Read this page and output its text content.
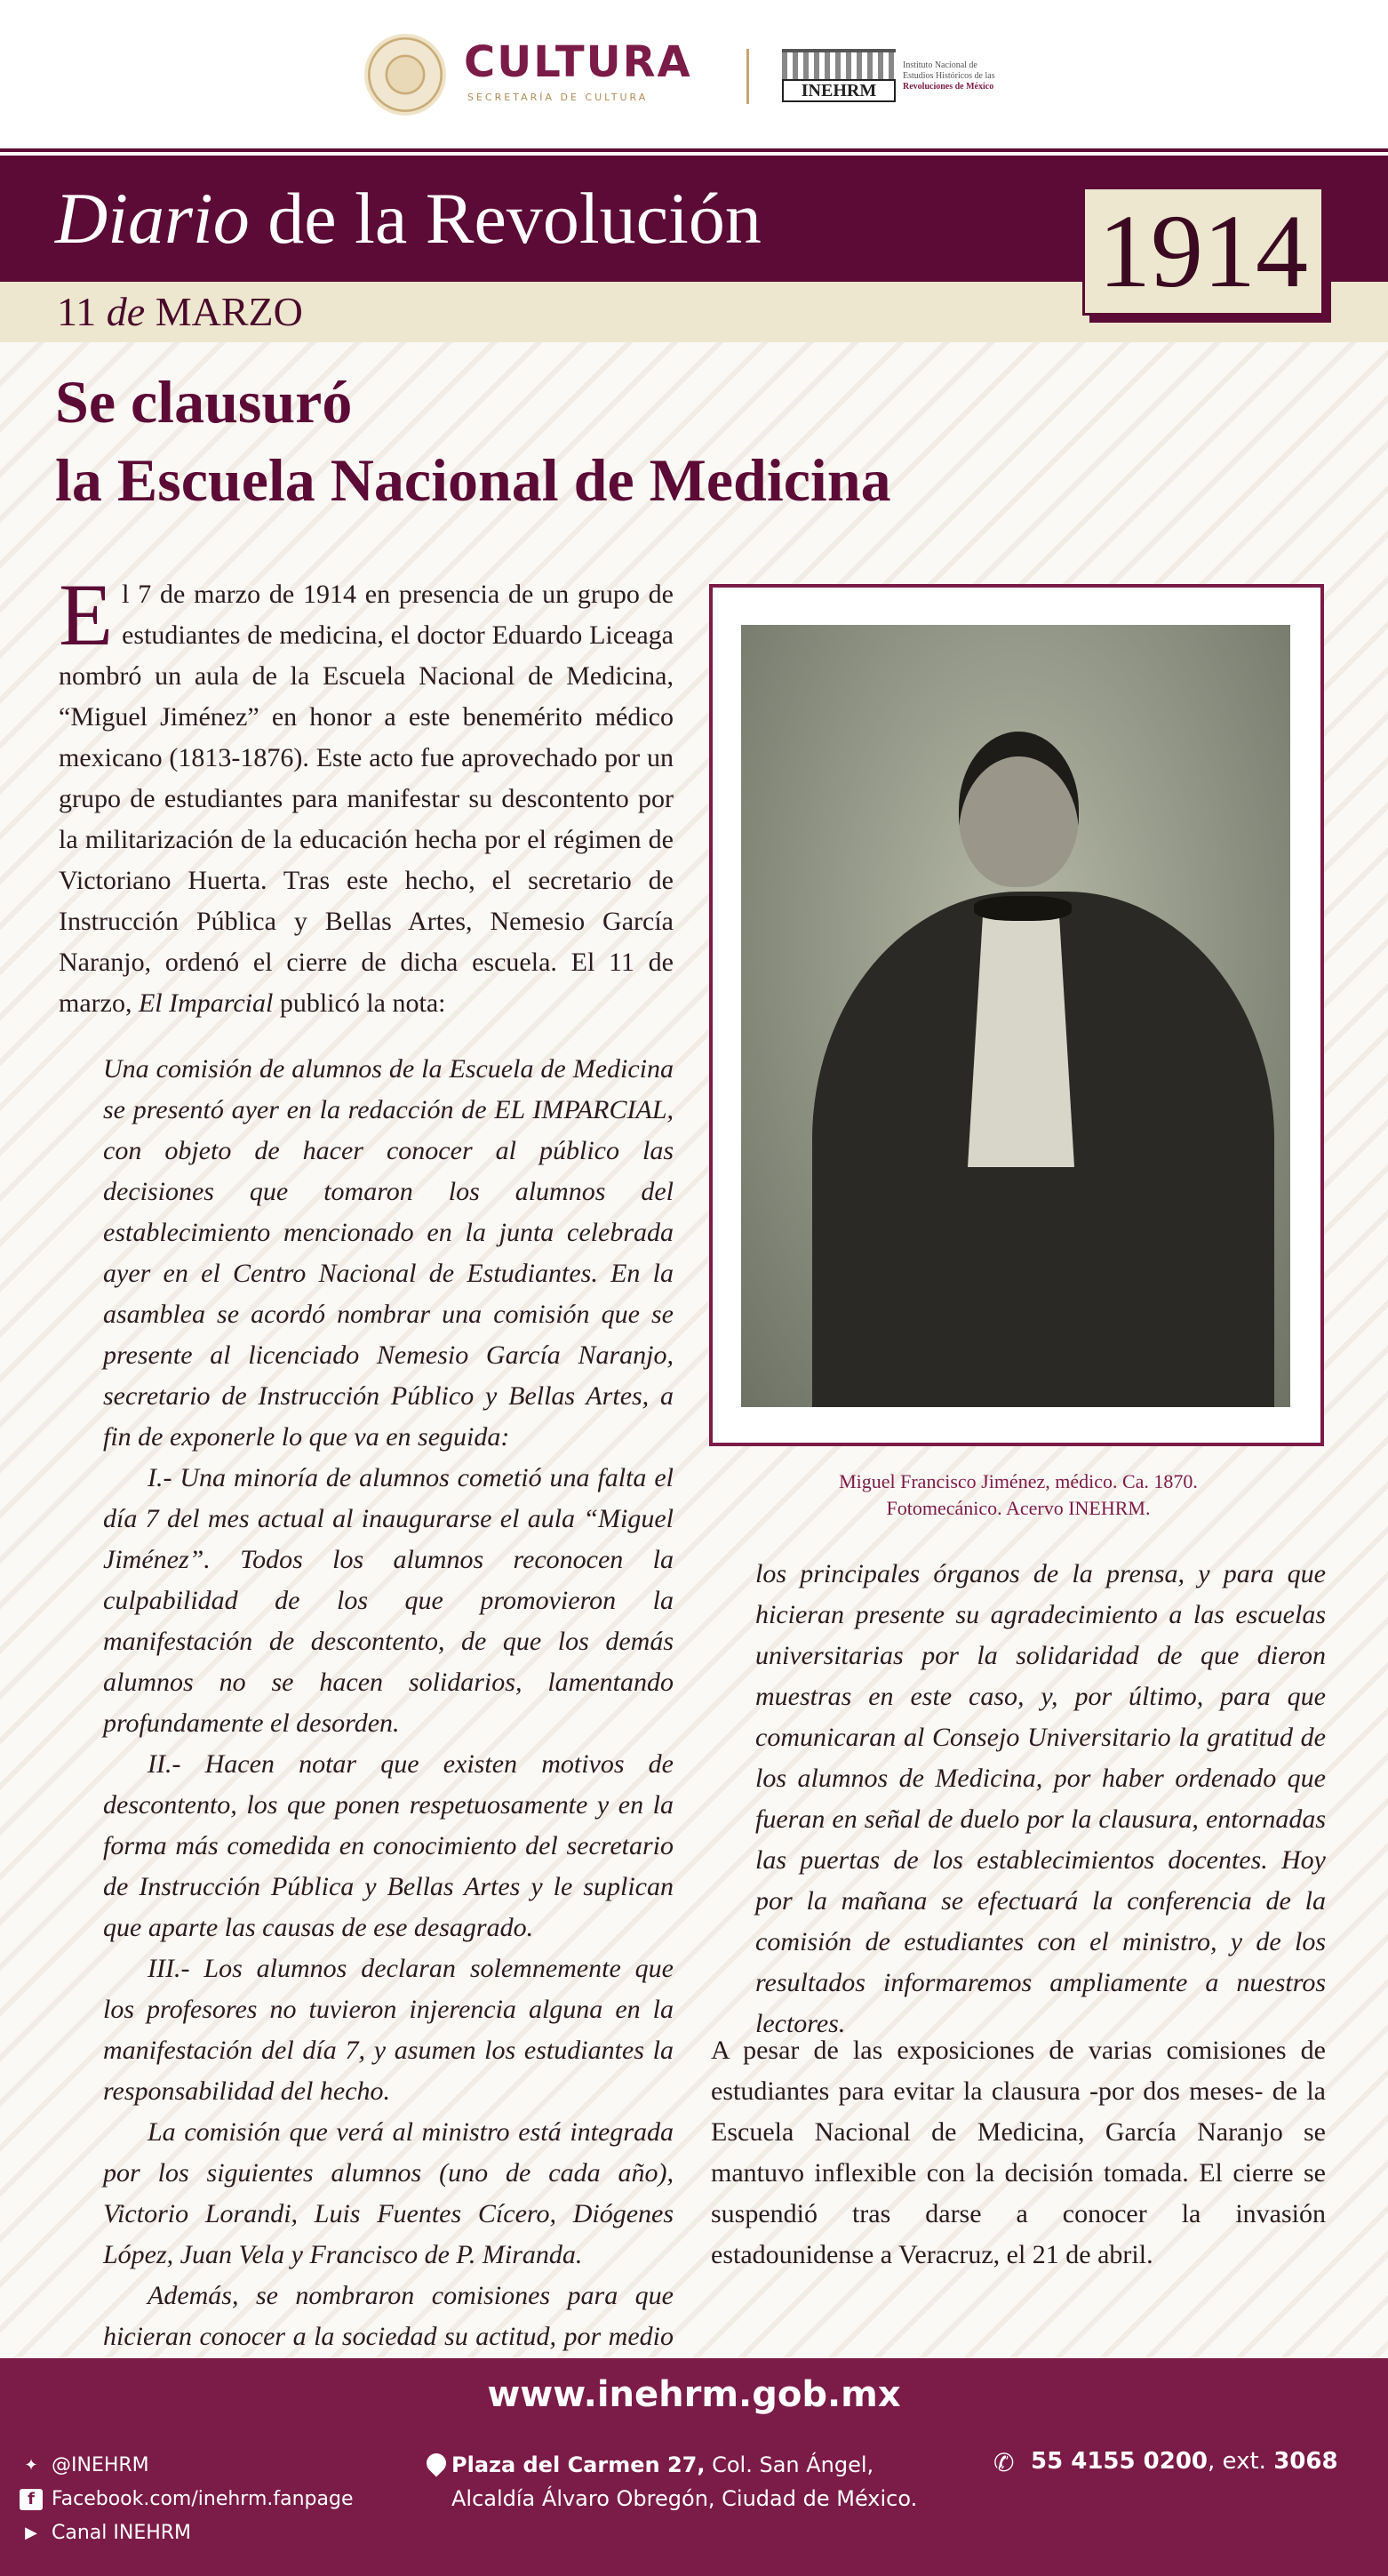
CULTURA
SECRETARÍA DE CULTURA	INEHRM
Instituto Nacional de
Estudios Históricos de las
Revoluciones de México
Diario de la Revolución
11 de MARZO
1914
Se clausuró
la Escuela Nacional de Medicina
El 7 de marzo de 1914 en presencia de un grupo de estudiantes de medicina, el doctor Eduardo Liceaga nombró un aula de la Escuela Nacional de Medicina, “Miguel Jiménez” en honor a este benemérito médico mexicano (1813-1876). Este acto fue aprovechado por un grupo de estudiantes para manifestar su descontento por la militarización de la educación hecha por el régimen de Victoriano Huerta. Tras este hecho, el secretario de Instrucción Pública y Bellas Artes, Nemesio García Naranjo, ordenó el cierre de dicha escuela. El 11 de marzo, El Imparcial publicó la nota:

Una comisión de alumnos de la Escuela de Medicina se presentó ayer en la redacción de EL IMPARCIAL, con objeto de hacer conocer al público las decisiones que tomaron los alumnos del establecimiento mencionado en la junta celebrada ayer en el Centro Nacional de Estudiantes. En la asamblea se acordó nombrar una comisión que se presente al licenciado Nemesio García Naranjo, secretario de Instrucción Público y Bellas Artes, a fin de exponerle lo que va en seguida:

I.- Una minoría de alumnos cometió una falta el día 7 del mes actual al inaugurarse el aula “Miguel Jiménez”. Todos los alumnos reconocen la culpabilidad de los que promovieron la manifestación de descontento, de que los demás alumnos no se hacen solidarios, lamentando profundamente el desorden.

II.- Hacen notar que existen motivos de descontento, los que ponen respetuosamente y en la forma más comedida en conocimiento del secretario de Instrucción Pública y Bellas Artes y le suplican que aparte las causas de ese desagrado.

III.- Los alumnos declaran solemnemente que los profesores no tuvieron injerencia alguna en la manifestación del día 7, y asumen los estudiantes la responsabilidad del hecho.

La comisión que verá al ministro está integrada por los siguientes alumnos (uno de cada año), Victorio Lorandi, Luis Fuentes Cícero, Diógenes López, Juan Vela y Francisco de P. Miranda.

Además, se nombraron comisiones para que hicieran conocer a la sociedad su actitud, por medio

Miguel Francisco Jiménez, médico. Ca. 1870.
Fotomecánico. Acervo INEHRM.

los principales órganos de la prensa, y para que hicieran presente su agradecimiento a las escuelas universitarias por la solidaridad de que dieron muestras en este caso, y, por último, para que comunicaran al Consejo Universitario la gratitud de los alumnos de Medicina, por haber ordenado que fueran en señal de duelo por la clausura, entornadas las puertas de los establecimientos docentes. Hoy por la mañana se efectuará la conferencia de la comisión de estudiantes con el ministro, y de los resultados informaremos ampliamente a nuestros lectores.

A pesar de las exposiciones de varias comisiones de estudiantes para evitar la clausura -por dos meses- de la Escuela Nacional de Medicina, García Naranjo se mantuvo inflexible con la decisión tomada. El cierre se suspendió tras darse a conocer la invasión estadounidense a Veracruz, el 21 de abril.
www.inehrm.gob.mx
✦ @INEHRM
f Facebook.com/inehrm.fanpage
▶ Canal INEHRM
Plaza del Carmen 27, Col. San Ángel,
Alcaldía Álvaro Obregón, Ciudad de México.
✆ 55 4155 0200, ext. 3068
